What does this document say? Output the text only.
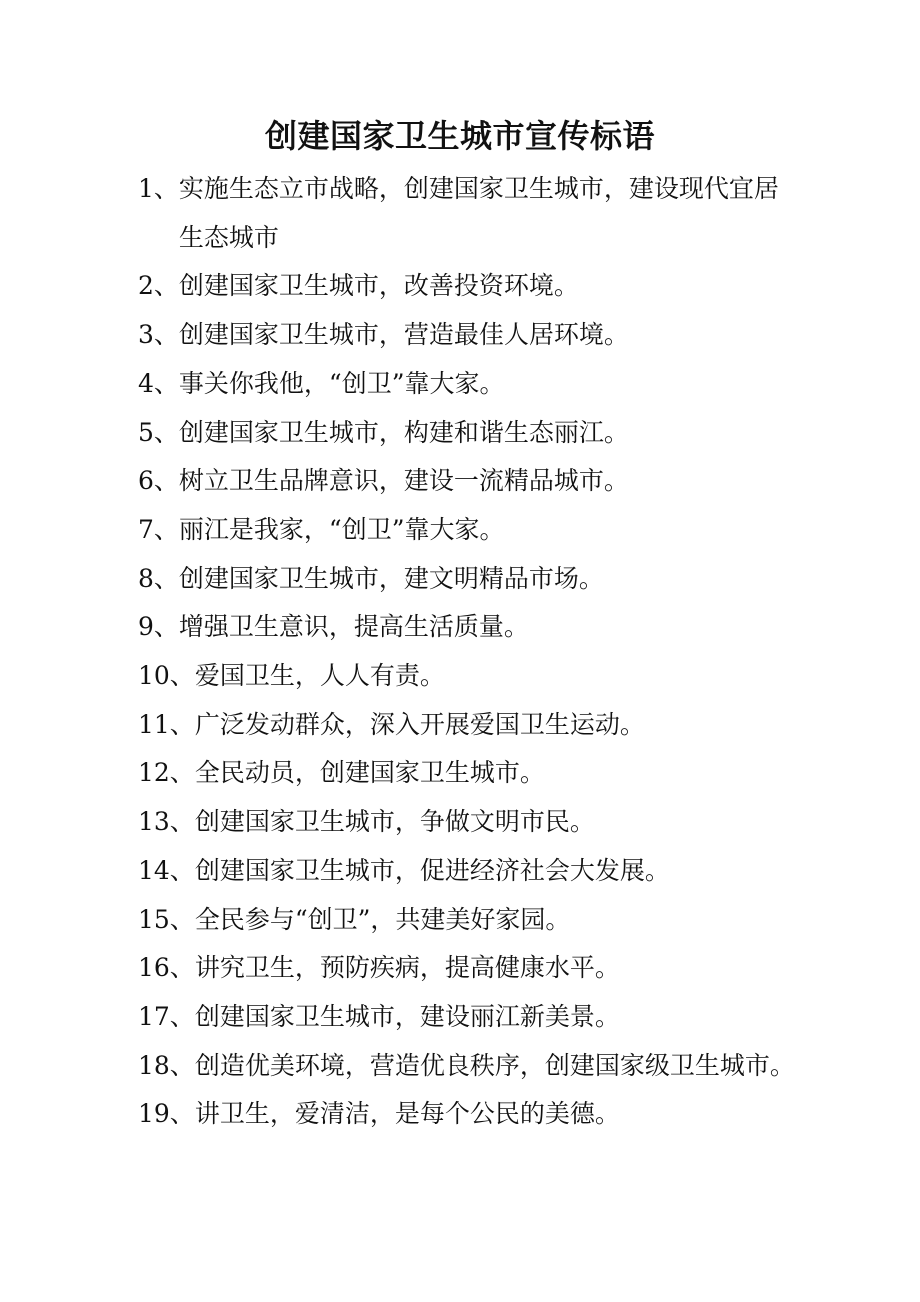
创建国家卫生城市宣传标语
1、 实施生态立市战略，创建国家卫生城市，建设现代宜居生态城市
2、 创建国家卫生城市，改善投资环境。
3、 创建国家卫生城市，营造最佳人居环境。
4、 事关你我他，“创卫”靠大家。
5、 创建国家卫生城市，构建和谐生态丽江。
6、 树立卫生品牌意识，建设一流精品城市。
7、 丽江是我家，“创卫”靠大家。
8、 创建国家卫生城市，建文明精品市场。
9、 增强卫生意识，提高生活质量。
10、 爱国卫生，人人有责。
11、 广泛发动群众，深入开展爱国卫生运动。
12、 全民动员，创建国家卫生城市。
13、 创建国家卫生城市，争做文明市民。
14、 创建国家卫生城市，促进经济社会大发展。
15、 全民参与“创卫”，共建美好家园。
16、 讲究卫生，预防疾病，提高健康水平。
17、 创建国家卫生城市，建设丽江新美景。
18、 创造优美环境，营造优良秩序，创建国家级卫生城市。
19、 讲卫生，爱清洁，是每个公民的美德。
